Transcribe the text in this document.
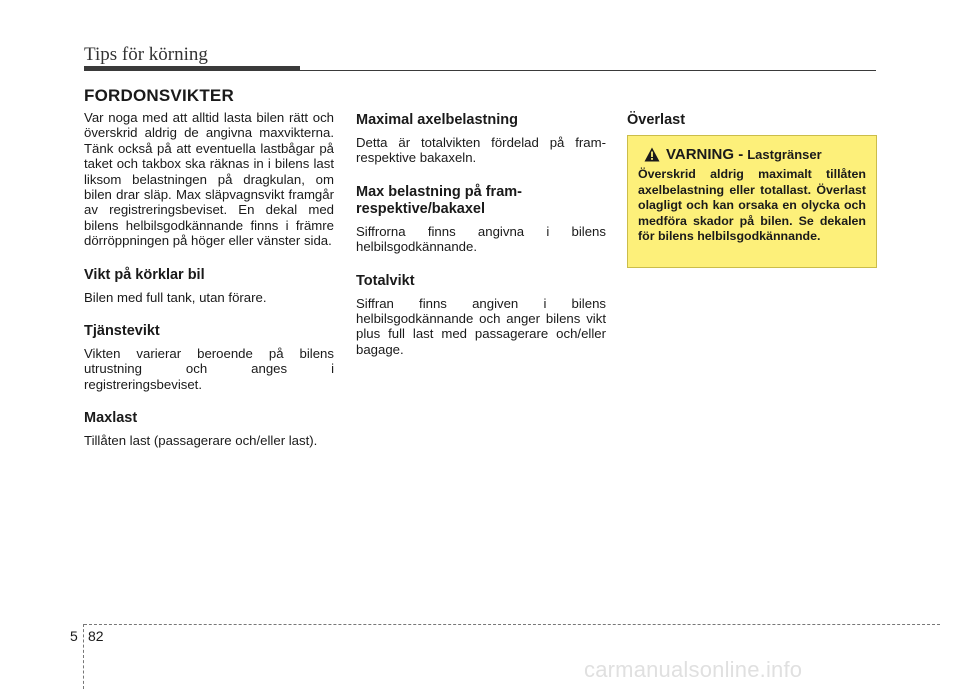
Tips för körning
FORDONSVIKTER

Var noga med att alltid lasta bilen rätt och överskrid aldrig de angivna maxvikterna. Tänk också på att eventuella lastbågar på taket och takbox ska räknas in i bilens last liksom belastningen på dragkulan, om bilen drar släp. Max släpvagnsvikt framgår av registreringsbeviset. En dekal med bilens helbilsgodkännande finns i främre dörröppningen på höger eller vänster sida.

Vikt på körklar bil

Bilen med full tank, utan förare.

Tjänstevikt

Vikten varierar beroende på bilens utrustning och anges i registreringsbeviset.

Maxlast

Tillåten last (passagerare och/eller last).

Maximal axelbelastning

Detta är totalvikten fördelad på fram- respektive bakaxeln.

Max belastning på fram- respektive/bakaxel

Siffrorna finns angivna i bilens helbilsgodkännande.

Totalvikt

Siffran finns angiven i bilens helbilsgodkännande och anger bilens vikt plus full last med passagerare och/eller bagage.

Överlast
VARNING - Lastgränser
Överskrid aldrig maximalt tillåten axelbelastning eller totallast. Överlast olagligt och kan orsaka en olycka och medföra skador på bilen. Se dekalen för bilens helbilsgodkännande.
5 82
carmanualsonline.info
